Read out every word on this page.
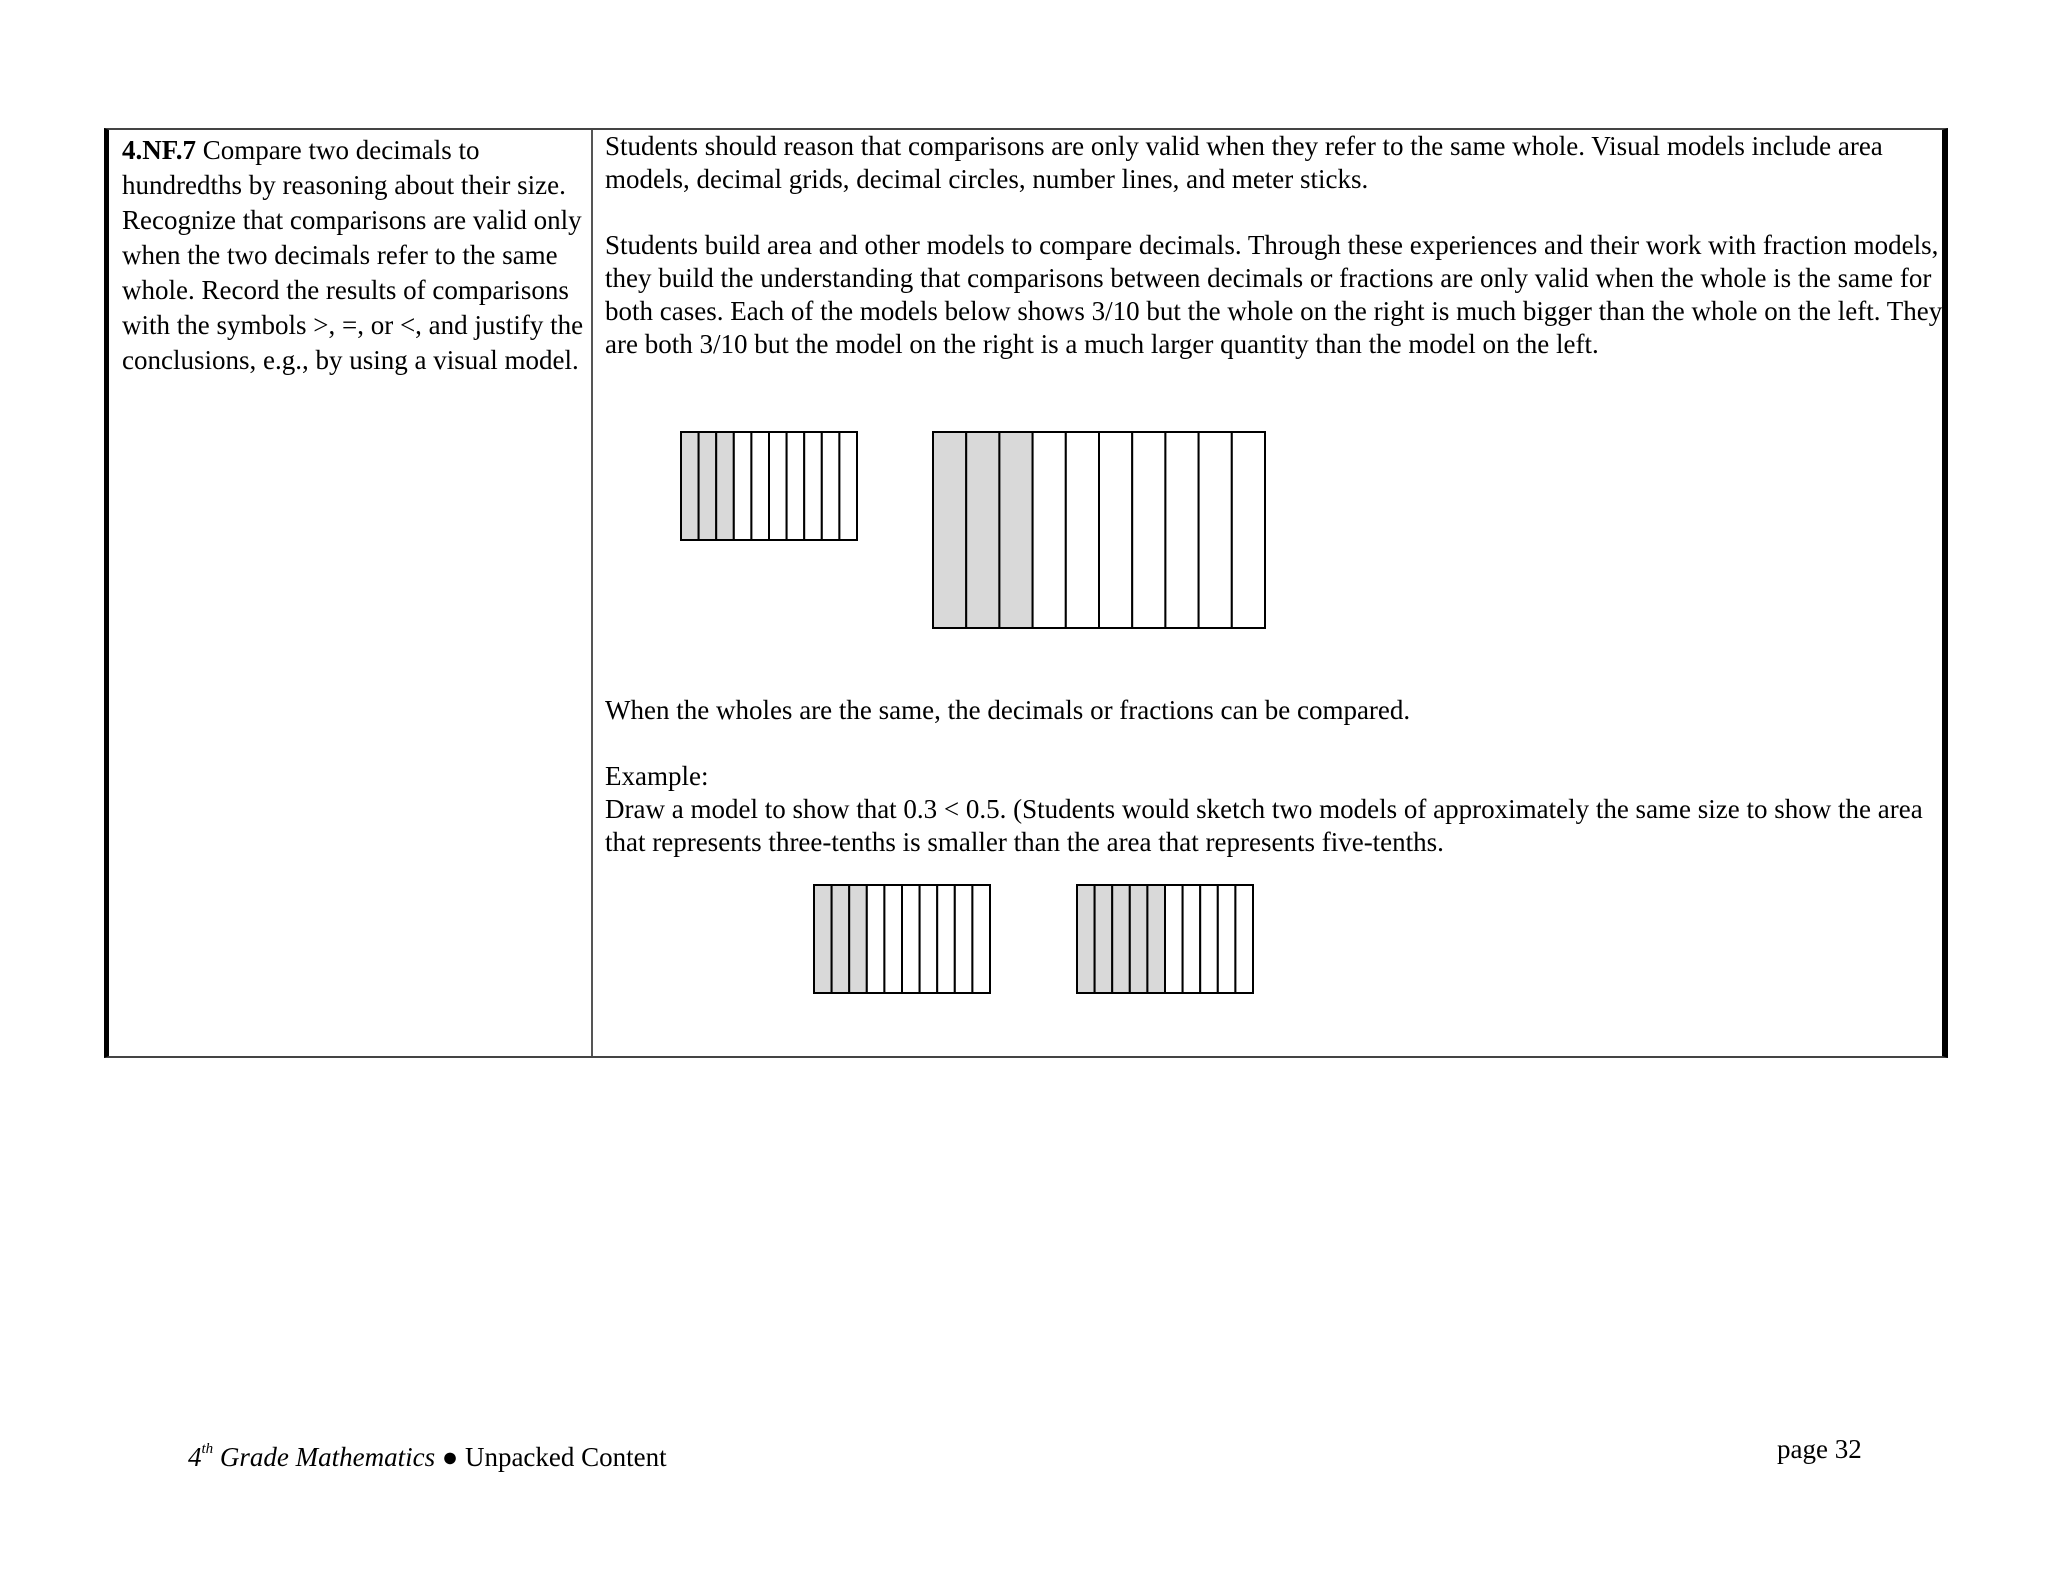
4.NF.7 Compare two decimals to hundredths by reasoning about their size. Recognize that comparisons are valid only when the two decimals refer to the same whole. Record the results of comparisons with the symbols >, =, or <, and justify the conclusions, e.g., by using a visual model.

Students should reason that comparisons are only valid when they refer to the same whole. Visual models include area models, decimal grids, decimal circles, number lines, and meter sticks.

Students build area and other models to compare decimals. Through these experiences and their work with fraction models, they build the understanding that comparisons between decimals or fractions are only valid when the whole is the same for both cases. Each of the models below shows 3/10 but the whole on the right is much bigger than the whole on the left. They are both 3/10 but the model on the right is a much larger quantity than the model on the left.

When the wholes are the same, the decimals or fractions can be compared.

Example:

Draw a model to show that 0.3 < 0.5. (Students would sketch two models of approximately the same size to show the area that represents three-tenths is smaller than the area that represents five-tenths.

4th Grade Mathematics ● Unpacked Content	page 32
